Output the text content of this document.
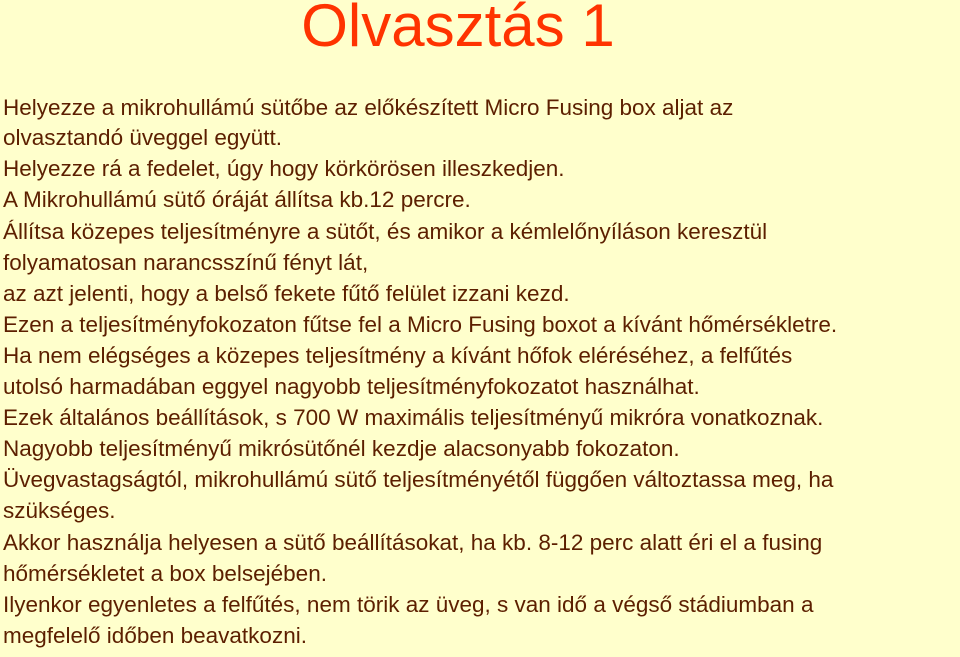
Olvasztás 1
Helyezze a mikrohullámú sütőbe az előkészített Micro Fusing box aljat az
olvasztandó üveggel együtt.
Helyezze rá a fedelet, úgy hogy körkörösen illeszkedjen.
A Mikrohullámú sütő óráját állítsa kb.12 percre.
Állítsa közepes teljesítményre a sütőt, és amikor a kémlelőnyíláson keresztül
folyamatosan narancsszínű fényt lát,
az azt jelenti, hogy a belső fekete fűtő felület izzani kezd.
Ezen a teljesítményfokozaton fűtse fel a Micro Fusing boxot a kívánt hőmérsékletre.
Ha nem elégséges a közepes teljesítmény a kívánt hőfok eléréséhez, a felfűtés
utolsó harmadában eggyel nagyobb teljesítményfokozatot használhat.
Ezek általános beállítások, s 700 W maximális teljesítményű mikróra vonatkoznak.
Nagyobb teljesítményű mikrósütőnél kezdje alacsonyabb fokozaton.
Üvegvastagságtól, mikrohullámú sütő teljesítményétől függően változtassa meg, ha
szükséges.
Akkor használja helyesen a sütő beállításokat, ha kb. 8-12 perc alatt éri el a fusing
hőmérsékletet a box belsejében.
Ilyenkor egyenletes a felfűtés, nem törik az üveg, s van idő a végső stádiumban a
megfelelő időben beavatkozni.
